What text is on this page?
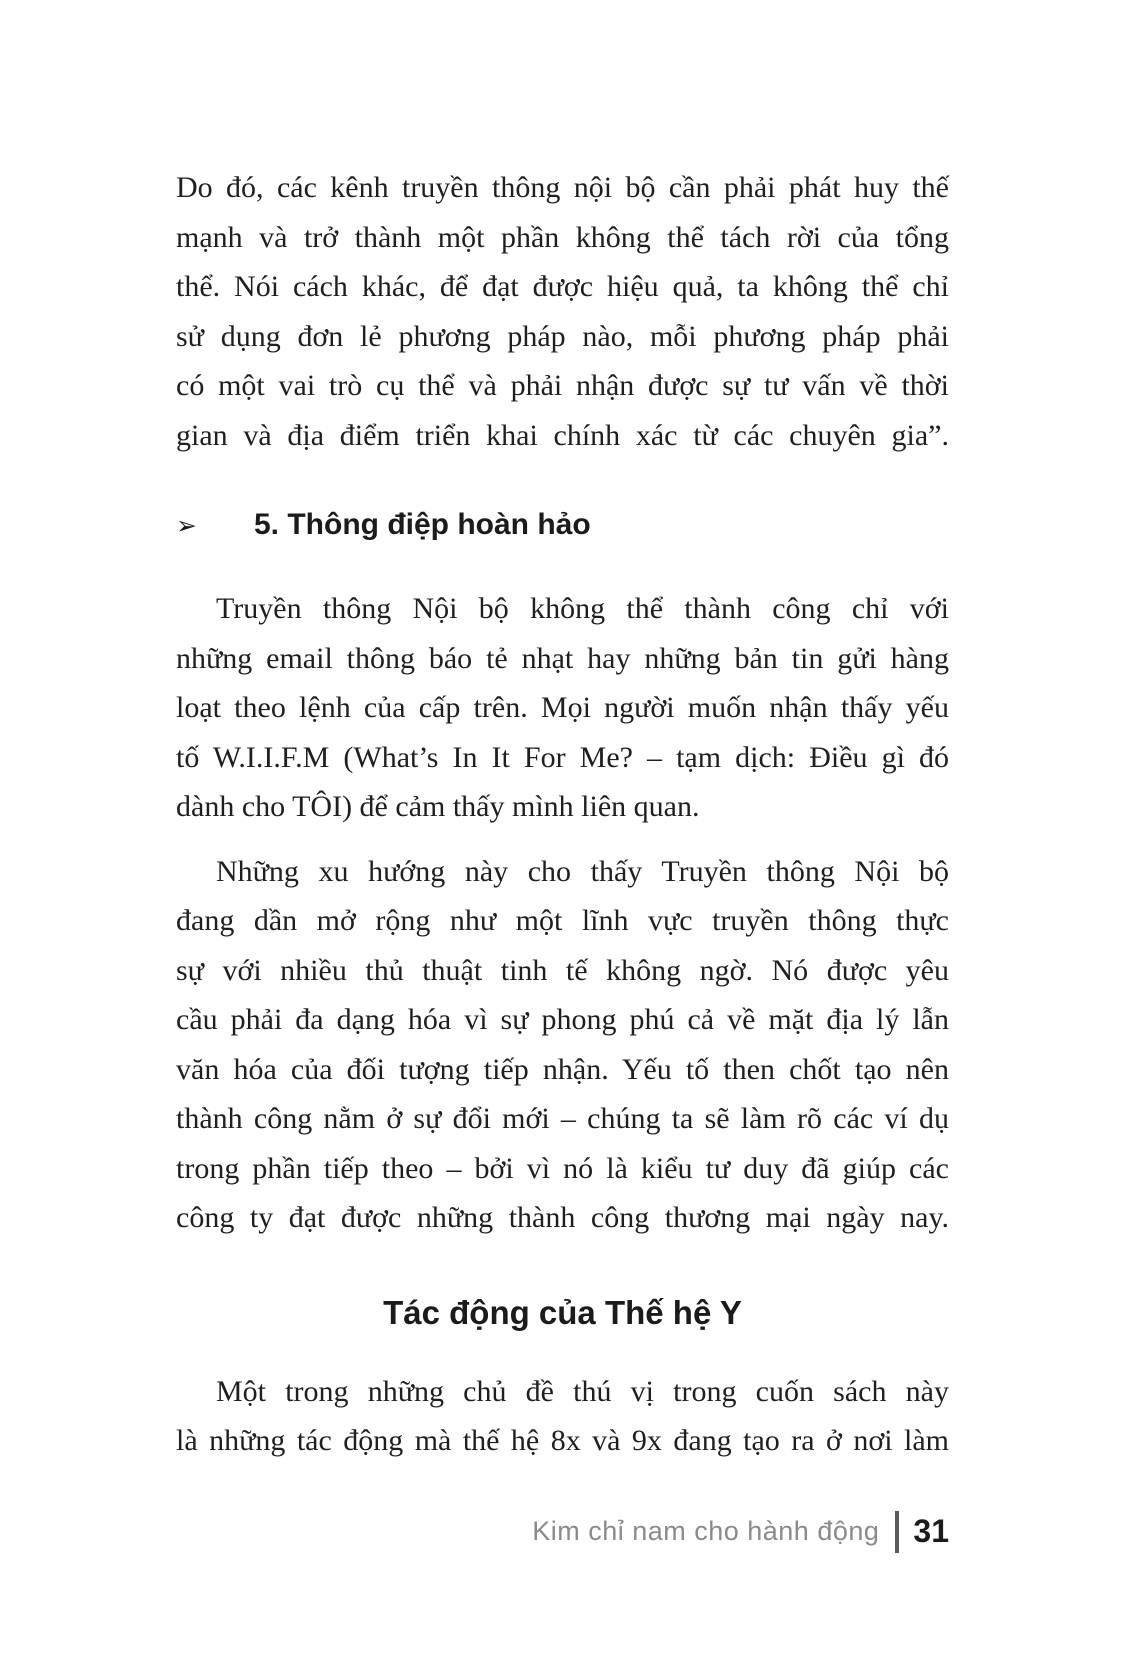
Do đó, các kênh truyền thông nội bộ cần phải phát huy thế
mạnh và trở thành một phần không thể tách rời của tổng
thể. Nói cách khác, để đạt được hiệu quả, ta không thể chỉ
sử dụng đơn lẻ phương pháp nào, mỗi phương pháp phải
có một vai trò cụ thể và phải nhận được sự tư vấn về thời
gian và địa điểm triển khai chính xác từ các chuyên gia”.
➢	5. Thông điệp hoàn hảo
Truyền thông Nội bộ không thể thành công chỉ với
những email thông báo tẻ nhạt hay những bản tin gửi hàng
loạt theo lệnh của cấp trên. Mọi người muốn nhận thấy yếu
tố W.I.I.F.M (What’s In It For Me? – tạm dịch: Điều gì đó
dành cho TÔI) để cảm thấy mình liên quan.
Những xu hướng này cho thấy Truyền thông Nội bộ
đang dần mở rộng như một lĩnh vực truyền thông thực
sự với nhiều thủ thuật tinh tế không ngờ. Nó được yêu
cầu phải đa dạng hóa vì sự phong phú cả về mặt địa lý lẫn
văn hóa của đối tượng tiếp nhận. Yếu tố then chốt tạo nên
thành công nằm ở sự đổi mới – chúng ta sẽ làm rõ các ví dụ
trong phần tiếp theo – bởi vì nó là kiểu tư duy đã giúp các
công ty đạt được những thành công thương mại ngày nay.
Tác động của Thế hệ Y
Một trong những chủ đề thú vị trong cuốn sách này
là những tác động mà thế hệ 8x và 9x đang tạo ra ở nơi làm
Kim chỉ nam cho hành động 31
